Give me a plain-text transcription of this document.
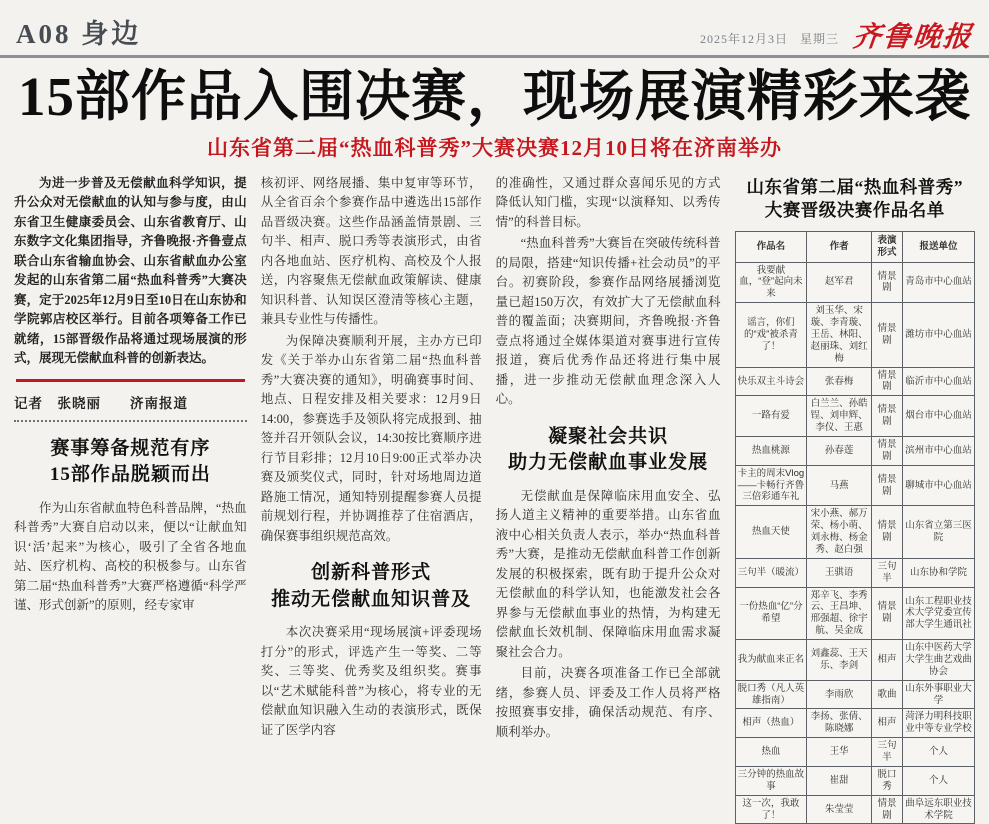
A08 身边	2025年12月3日 星期三 齐鲁晚报
15部作品入围决赛，现场展演精彩来袭
山东省第二届“热血科普秀”大赛决赛12月10日将在济南举办

为进一步普及无偿献血科学知识，提升公众对无偿献血的认知与参与度，由山东省卫生健康委员会、山东省教育厅、山东数字文化集团指导，齐鲁晚报·齐鲁壹点联合山东省输血协会、山东省献血办公室发起的山东省第二届“热血科普秀”大赛决赛，定于2025年12月9日至10日在山东协和学院郭店校区举行。目前各项筹备工作已就绪，15部晋级作品将通过现场展演的形式，展现无偿献血科普的创新表达。

记者　张晓丽　　济南报道
赛事筹备规范有序
15部作品脱颖而出

作为山东省献血特色科普品牌，“热血科普秀”大赛自启动以来，便以“让献血知识‘活’起来”为核心，吸引了全省各地血站、医疗机构、高校的积极参与。山东省第二届“热血科普秀”大赛严格遵循“科学严谨、形式创新”的原则，经专家审

核初评、网络展播、集中复审等环节，从全省百余个参赛作品中遴选出15部作品晋级决赛。这些作品涵盖情景剧、三句半、相声、脱口秀等表演形式，由省内各地血站、医疗机构、高校及个人报送，内容聚焦无偿献血政策解读、健康知识科普、认知误区澄清等核心主题，兼具专业性与传播性。

为保障决赛顺利开展，主办方已印发《关于举办山东省第二届“热血科普秀”大赛决赛的通知》，明确赛事时间、地点、日程安排及相关要求：12月9日14:00，参赛选手及领队将完成报到、抽签并召开领队会议，14:30按比赛顺序进行节目彩排；12月10日9:00正式举办决赛及颁奖仪式，同时，针对场地周边道路施工情况，通知特别提醒参赛人员提前规划行程，并协调推荐了住宿酒店，确保赛事组织规范高效。

创新科普形式
推动无偿献血知识普及

本次决赛采用“现场展演+评委现场打分”的形式，评选产生一等奖、二等奖、三等奖、优秀奖及组织奖。赛事以“艺术赋能科普”为核心，将专业的无偿献血知识融入生动的表演形式，既保证了医学内容

的准确性，又通过群众喜闻乐见的方式降低认知门槛，实现“以演释知、以秀传情”的科普目标。

“热血科普秀”大赛旨在突破传统科普的局限，搭建“知识传播+社会动员”的平台。初赛阶段，参赛作品网络展播浏览量已超150万次，有效扩大了无偿献血科普的覆盖面；决赛期间，齐鲁晚报·齐鲁壹点将通过全媒体渠道对赛事进行宣传报道，赛后优秀作品还将进行集中展播，进一步推动无偿献血理念深入人心。

凝聚社会共识
助力无偿献血事业发展

无偿献血是保障临床用血安全、弘扬人道主义精神的重要举措。山东省血液中心相关负责人表示，举办“热血科普秀”大赛，是推动无偿献血科普工作创新发展的积极探索，既有助于提升公众对无偿献血的科学认知，也能激发社会各界参与无偿献血事业的热情，为构建无偿献血长效机制、保障临床用血需求凝聚社会合力。

目前，决赛各项准备工作已全部就绪，参赛人员、评委及工作人员将严格按照赛事安排，确保活动规范、有序、顺利举办。

山东省第二届“热血科普秀”
大赛晋级决赛作品名单
作品名	作者	表演形式	报送单位
我要献血，“登”起向未来	赵军君	情景剧	青岛市中心血站
谣言，你们的“戏”被杀青了！	刘玉华、宋璇、李青璇、王岳、林阳、赵丽珠、刘红梅	情景剧	潍坊市中心血站
快乐双主斗诗会	张春梅	情景剧	临沂市中心血站
一路有爱	白兰兰、孙皓锃、刘申辉、李仪、王惠	情景剧	烟台市中心血站
热血桃源	孙春莲	情景剧	滨州市中心血站
卡主的周末Vlog——卡畅行齐鲁三倍彩通车礼	马燕	情景剧	聊城市中心血站
热血天使	宋小燕、郝万荣、杨小萌、刘永梅、杨金秀、赵白强	情景剧	山东省立第三医院
三句半（暖流）	王骐语	三句半	山东协和学院
一份热血“亿”分希望	郑辛飞、李秀云、王昌坤、邢强超、徐宇航、吴金成	情景剧	山东工程职业技术大学党委宣传部大学生通讯社
我为献血来正名	刘鑫蕊、王天乐、李剑	相声	山东中医药大学大学生曲艺戏曲协会
脱口秀（凡人英雄指南）	李雨欣	歌曲	山东外事职业大学
相声（热血）	李扬、张倩、陈晓娜	相声	菏泽力明科技职业中等专业学校
热血	王华	三句半	个人
三分钟的热血故事	崔甜	脱口秀	个人
这一次，我敢了！	朱莹莹	情景剧	曲阜远东职业技术学院
